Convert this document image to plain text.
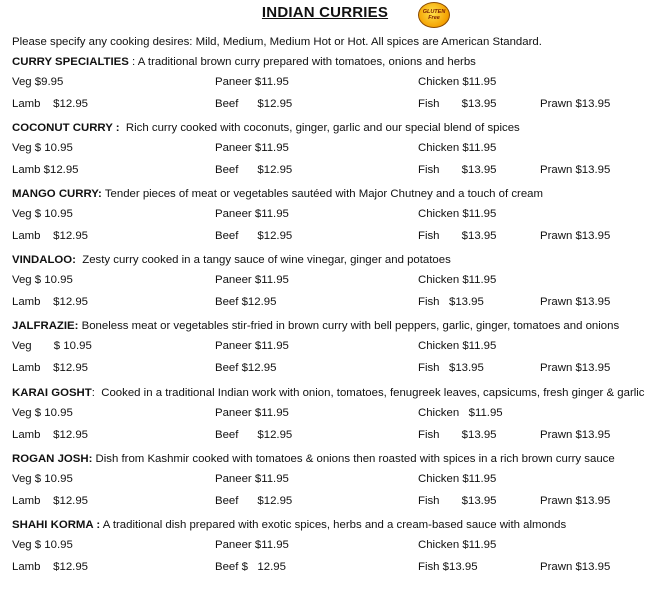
INDIAN CURRIES	GLUTEN
Free
Please specify any cooking desires: Mild, Medium, Medium Hot or Hot. All spices are American Standard.
CURRY SPECIALTIES : A traditional brown curry prepared with tomatoes, onions and herbs
Veg $9.95	Paneer $11.95	Chicken $11.95
Lamb    $12.95	Beef      $12.95	Fish       $13.95	Prawn $13.95
COCONUT CURRY : Rich curry cooked with coconuts, ginger, garlic and our special blend of spices
Veg $ 10.95	Paneer $11.95	Chicken $11.95
Lamb $12.95	Beef      $12.95	Fish       $13.95	Prawn $13.95
MANGO CURRY: Tender pieces of meat or vegetables sautéed with Major Chutney and a touch of cream
Veg $ 10.95	Paneer $11.95	Chicken $11.95
Lamb    $12.95	Beef      $12.95	Fish       $13.95	Prawn $13.95
VINDALOO: Zesty curry cooked in a tangy sauce of wine vinegar, ginger and potatoes
Veg $ 10.95	Paneer $11.95	Chicken $11.95
Lamb    $12.95	Beef $12.95	Fish   $13.95	Prawn $13.95
JALFRAZIE: Boneless meat or vegetables stir-fried in brown curry with bell peppers, garlic, ginger, tomatoes and onions
Veg       $ 10.95	Paneer $11.95	Chicken $11.95
Lamb    $12.95	Beef $12.95	Fish   $13.95	Prawn $13.95
KARAI GOSHT:  Cooked in a traditional Indian work with onion, tomatoes, fenugreek leaves, capsicums, fresh ginger & garlic
Veg $ 10.95	Paneer $11.95	Chicken   $11.95
Lamb    $12.95	Beef      $12.95	Fish       $13.95	Prawn $13.95
ROGAN JOSH: Dish from Kashmir cooked with tomatoes & onions then roasted with spices in a rich brown curry sauce
Veg $ 10.95	Paneer $11.95	Chicken $11.95
Lamb    $12.95	Beef      $12.95	Fish       $13.95	Prawn $13.95
SHAHI KORMA : A traditional dish prepared with exotic spices, herbs and a cream-based sauce with almonds
Veg $ 10.95	Paneer $11.95	Chicken $11.95
Lamb    $12.95	Beef $   12.95	Fish $13.95	Prawn $13.95
